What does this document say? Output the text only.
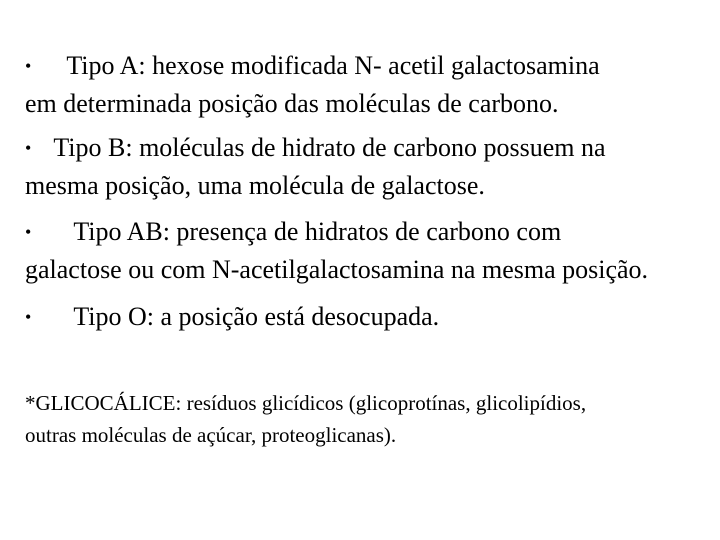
• Tipo A: hexose modificada N- acetil galactosamina
em determinada posição das moléculas de carbono.
• Tipo B: moléculas de hidrato de carbono possuem na
mesma posição, uma molécula de galactose.
• Tipo AB: presença de hidratos de carbono com
galactose ou com N-acetilgalactosamina na mesma posição.
• Tipo O: a posição está desocupada.
*GLICOCÁLICE: resíduos glicídicos (glicoprotínas, glicolipídios,
outras moléculas de açúcar, proteoglicanas).
